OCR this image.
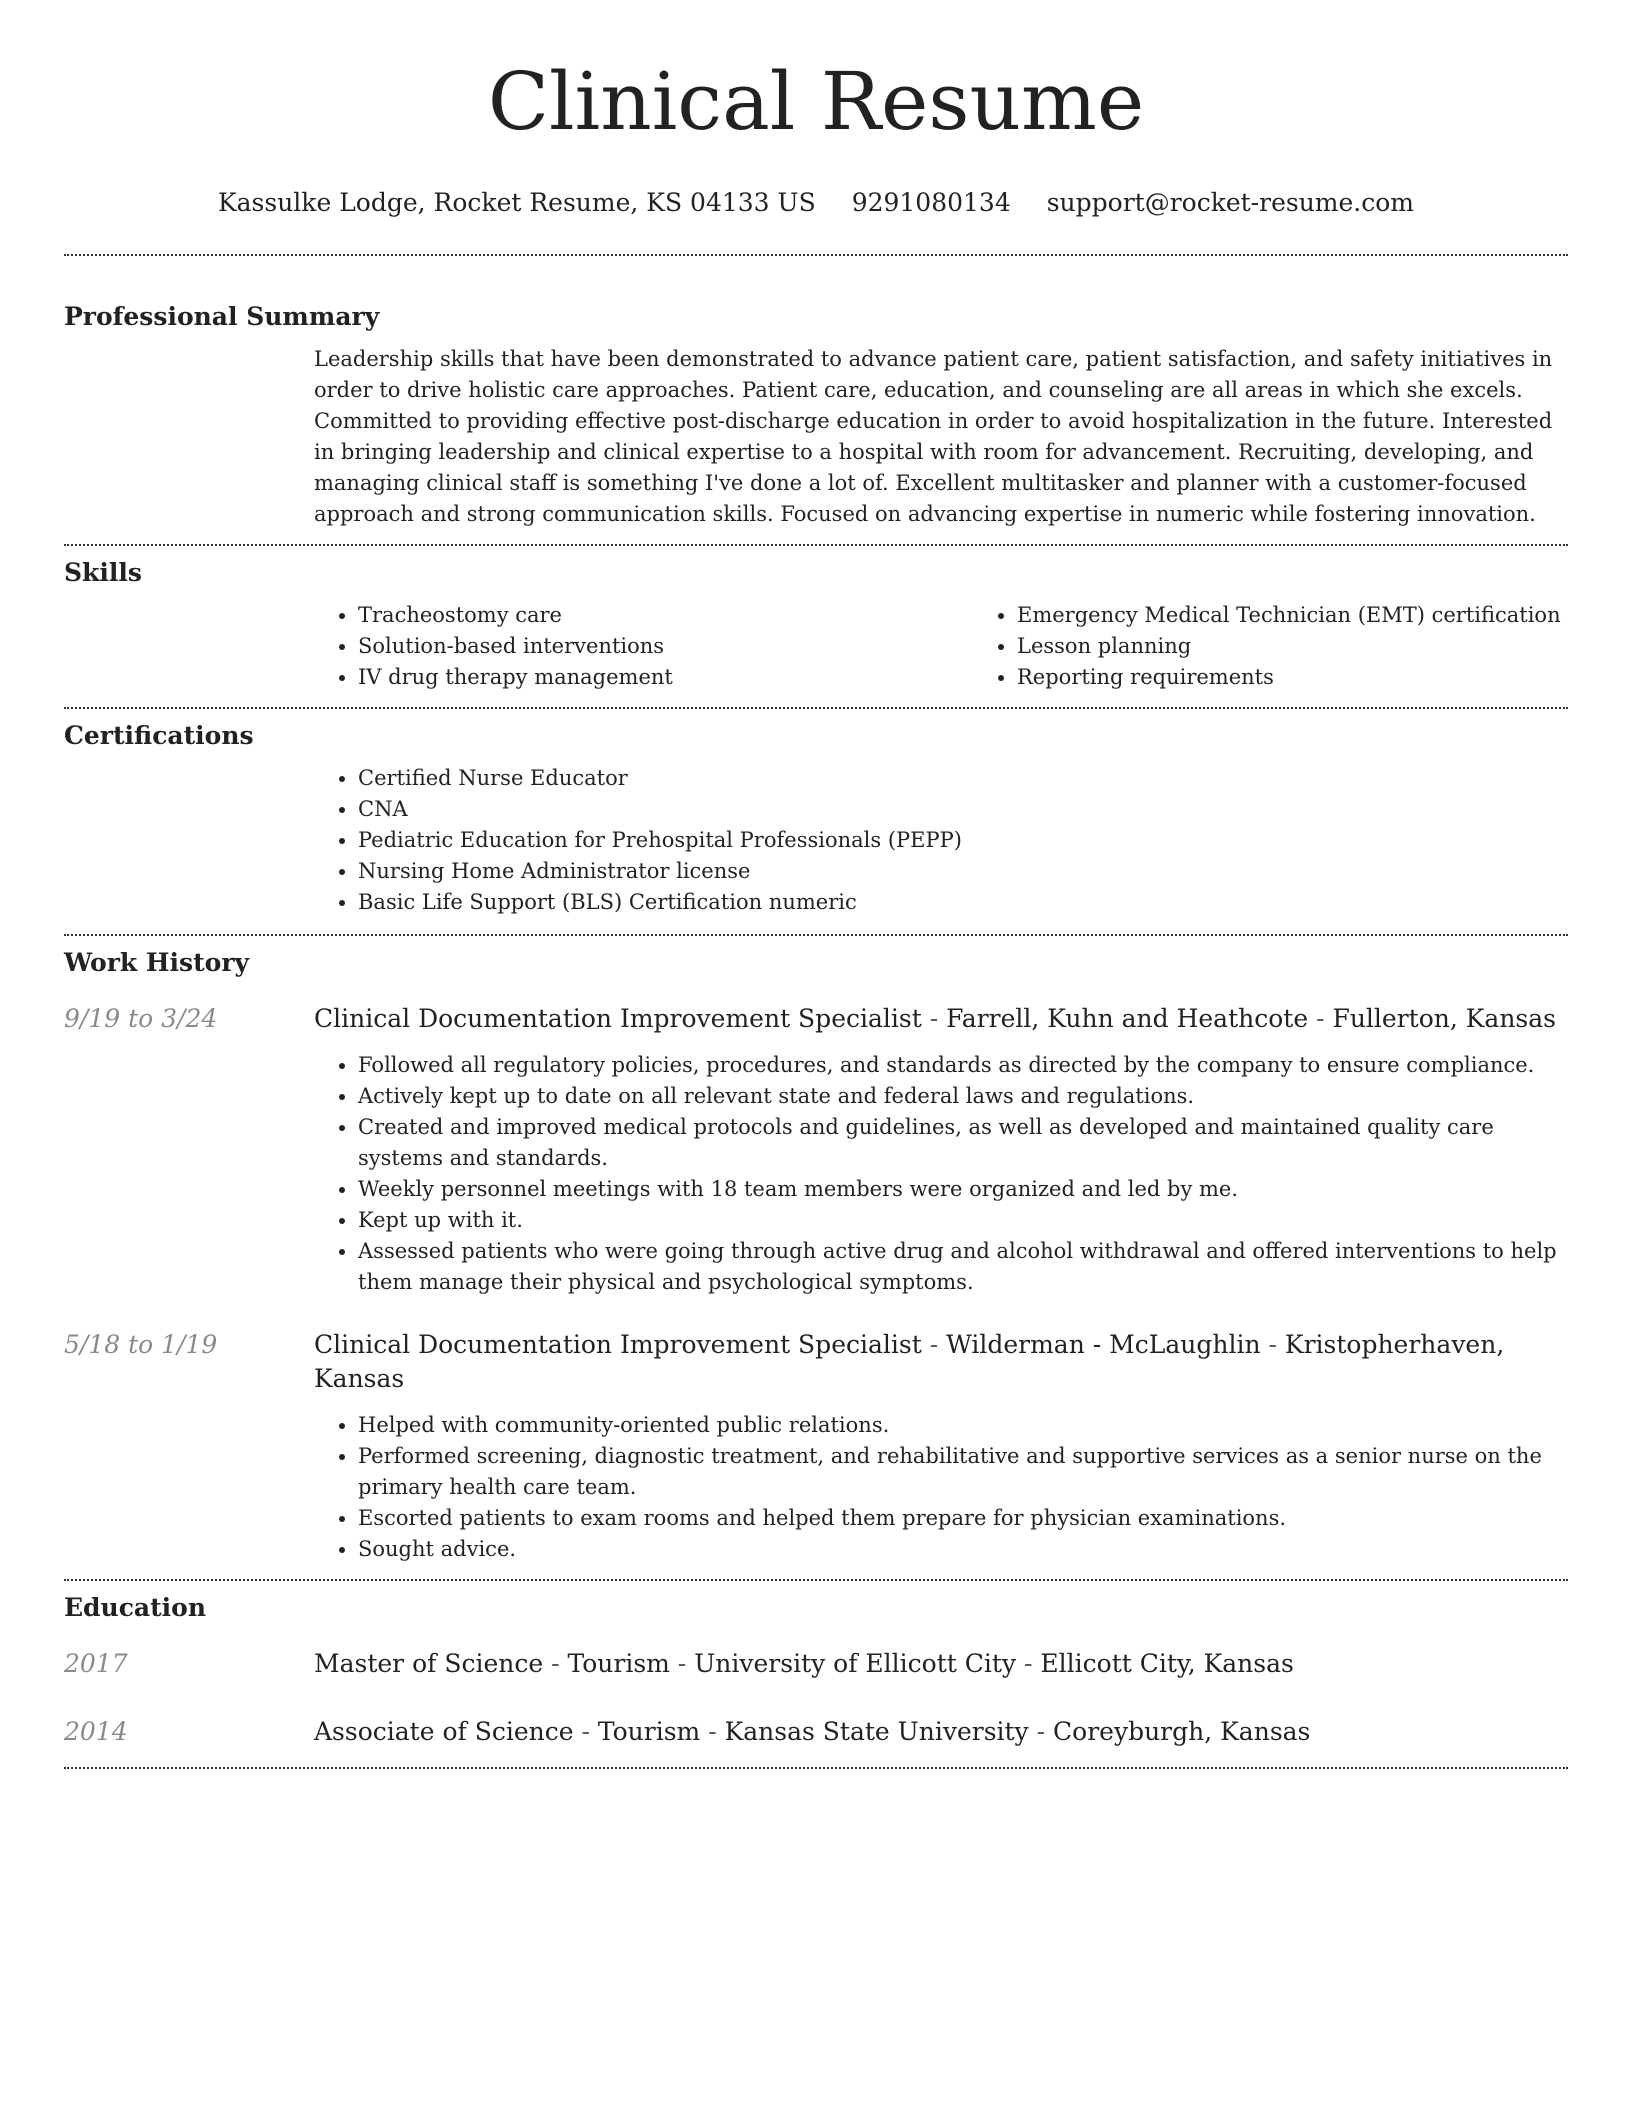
Clinical Resume
Kassulke Lodge, Rocket Resume, KS 04133 US 9291080134 support@rocket-resume.com
Professional Summary
Leadership skills that have been demonstrated to advance patient care, patient satisfaction, and safety initiatives in order to drive holistic care approaches. Patient care, education, and counseling are all areas in which she excels. Committed to providing effective post-discharge education in order to avoid hospitalization in the future. Interested in bringing leadership and clinical expertise to a hospital with room for advancement. Recruiting, developing, and managing clinical staff is something I've done a lot of. Excellent multitasker and planner with a customer-focused approach and strong communication skills. Focused on advancing expertise in numeric while fostering innovation.
Skills
• Tracheostomy care
• Solution-based interventions
• IV drug therapy management
• Emergency Medical Technician (EMT) certification
• Lesson planning
• Reporting requirements
Certifications
• Certified Nurse Educator
• CNA
• Pediatric Education for Prehospital Professionals (PEPP)
• Nursing Home Administrator license
• Basic Life Support (BLS) Certification numeric
Work History
9/19 to 3/24	Clinical Documentation Improvement Specialist - Farrell, Kuhn and Heathcote - Fullerton, Kansas
• Followed all regulatory policies, procedures, and standards as directed by the company to ensure compliance.
• Actively kept up to date on all relevant state and federal laws and regulations.
• Created and improved medical protocols and guidelines, as well as developed and maintained quality care systems and standards.
• Weekly personnel meetings with 18 team members were organized and led by me.
• Kept up with it.
• Assessed patients who were going through active drug and alcohol withdrawal and offered interventions to help them manage their physical and psychological symptoms.
5/18 to 1/19	Clinical Documentation Improvement Specialist - Wilderman - McLaughlin - Kristopherhaven, Kansas
• Helped with community-oriented public relations.
• Performed screening, diagnostic treatment, and rehabilitative and supportive services as a senior nurse on the primary health care team.
• Escorted patients to exam rooms and helped them prepare for physician examinations.
• Sought advice.
Education
2017	Master of Science - Tourism - University of Ellicott City - Ellicott City, Kansas
2014	Associate of Science - Tourism - Kansas State University - Coreyburgh, Kansas
